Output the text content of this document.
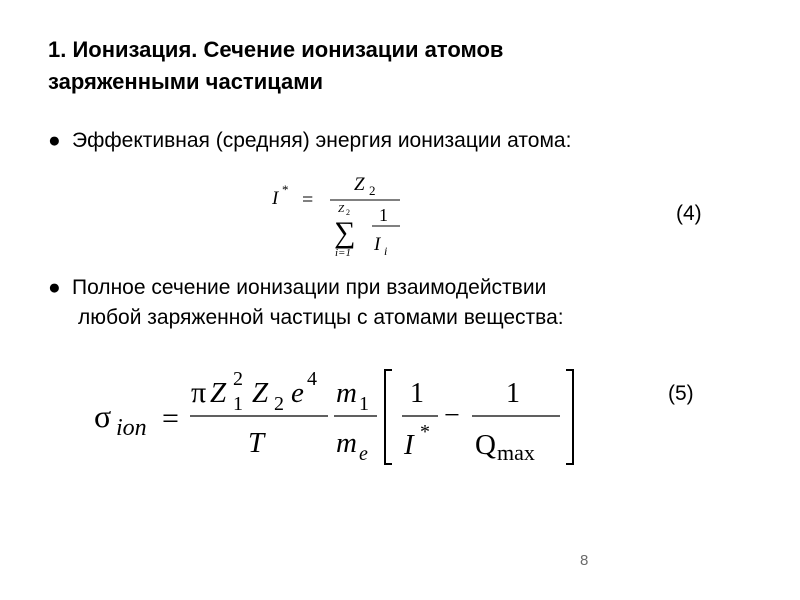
1. Ионизация. Сечение ионизации атомов
заряженными частицами
● Эффективная (средняя) энергия ионизации атома:
I * =
Z 2
Z 2
∑
i=1
1
I i
(4)
● Полное сечение ионизации при взаимодействии
любой заряженной частицы с атомами вещества:
σ ion =
π Z 2
1 Z 2 e 4
T
m 1
m e
1
I *
−
1
Q max
(5)
8
